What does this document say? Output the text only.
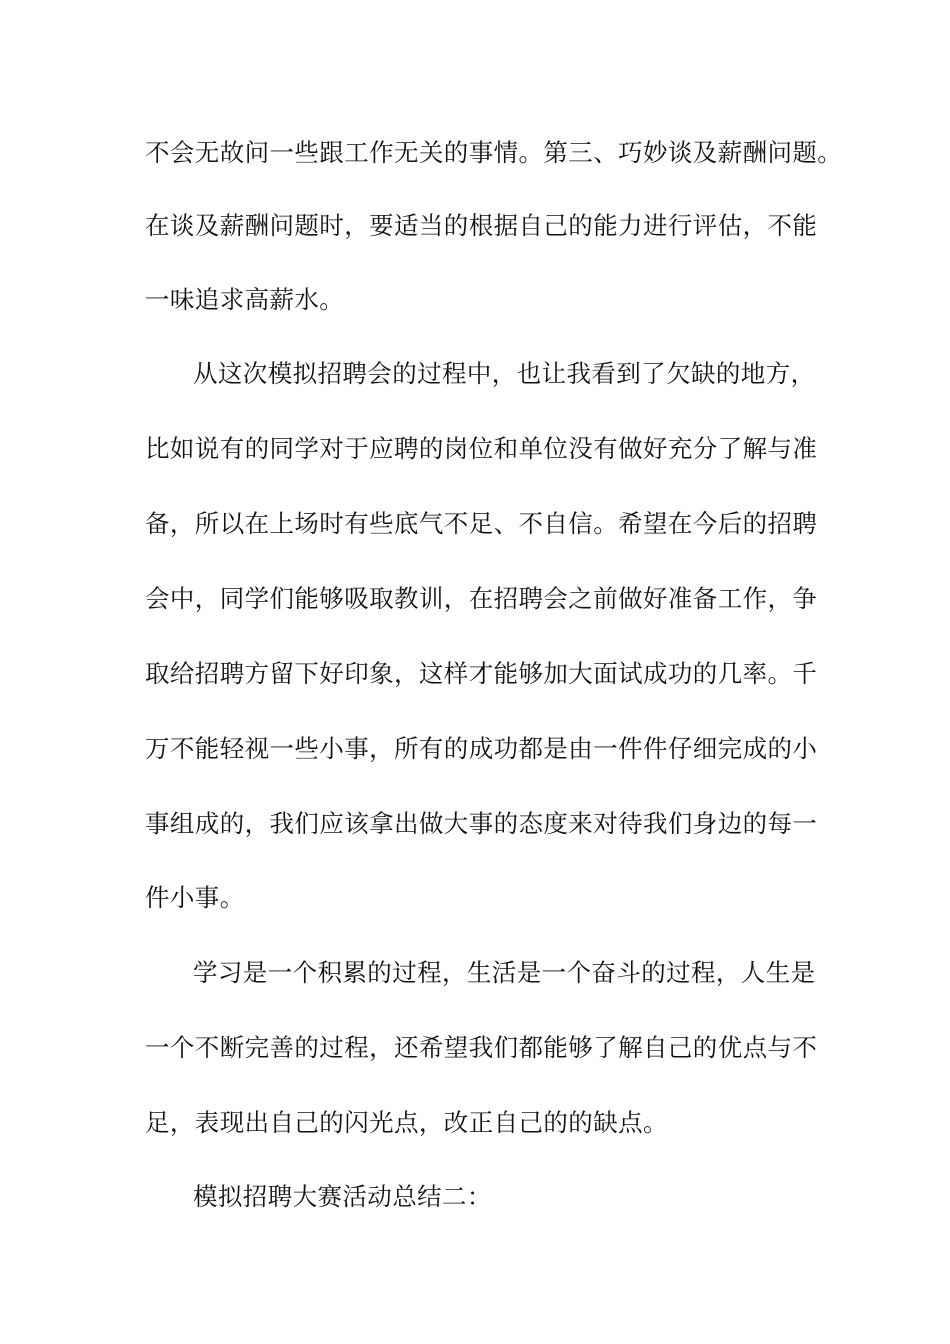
不会无故问一些跟工作无关的事情。第三、巧妙谈及薪酬问题。
在谈及薪酬问题时，要适当的根据自己的能力进行评估，不能
一味追求高薪水。
从这次模拟招聘会的过程中，也让我看到了欠缺的地方，
比如说有的同学对于应聘的岗位和单位没有做好充分了解与准
备，所以在上场时有些底气不足、不自信。希望在今后的招聘
会中，同学们能够吸取教训，在招聘会之前做好准备工作，争
取给招聘方留下好印象，这样才能够加大面试成功的几率。千
万不能轻视一些小事，所有的成功都是由一件件仔细完成的小
事组成的，我们应该拿出做大事的态度来对待我们身边的每一
件小事。
学习是一个积累的过程，生活是一个奋斗的过程，人生是
一个不断完善的过程，还希望我们都能够了解自己的优点与不
足，表现出自己的闪光点，改正自己的的缺点。
模拟招聘大赛活动总结二：
